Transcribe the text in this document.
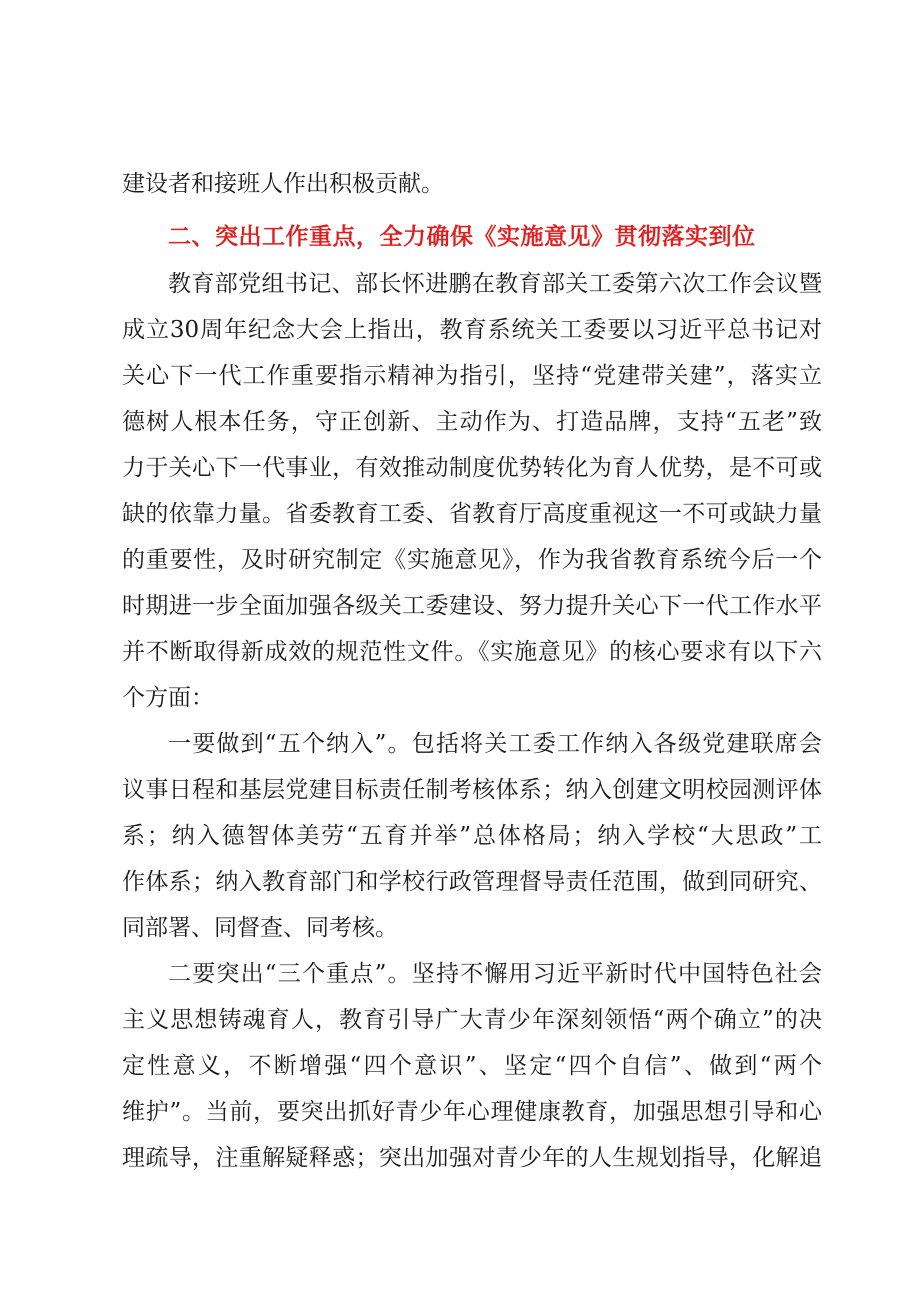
建设者和接班人作出积极贡献。
二、突出工作重点，全力确保《实施意见》贯彻落实到位
教育部党组书记、部长怀进鹏在教育部关工委第六次工作会议暨
成立30周年纪念大会上指出，教育系统关工委要以习近平总书记对
关心下一代工作重要指示精神为指引，坚持“党建带关建”，落实立
德树人根本任务，守正创新、主动作为、打造品牌，支持“五老”致
力于关心下一代事业，有效推动制度优势转化为育人优势，是不可或
缺的依靠力量。省委教育工委、省教育厅高度重视这一不可或缺力量
的重要性，及时研究制定《实施意见》，作为我省教育系统今后一个
时期进一步全面加强各级关工委建设、努力提升关心下一代工作水平
并不断取得新成效的规范性文件。《实施意见》的核心要求有以下六
个方面：
一要做到“五个纳入”。包括将关工委工作纳入各级党建联席会
议事日程和基层党建目标责任制考核体系；纳入创建文明校园测评体
系；纳入德智体美劳“五育并举”总体格局；纳入学校“大思政”工
作体系；纳入教育部门和学校行政管理督导责任范围，做到同研究、
同部署、同督查、同考核。
二要突出“三个重点”。坚持不懈用习近平新时代中国特色社会
主义思想铸魂育人，教育引导广大青少年深刻领悟“两个确立”的决
定性意义，不断增强“四个意识”、坚定“四个自信”、做到“两个
维护”。当前，要突出抓好青少年心理健康教育，加强思想引导和心
理疏导，注重解疑释惑；突出加强对青少年的人生规划指导，化解追
